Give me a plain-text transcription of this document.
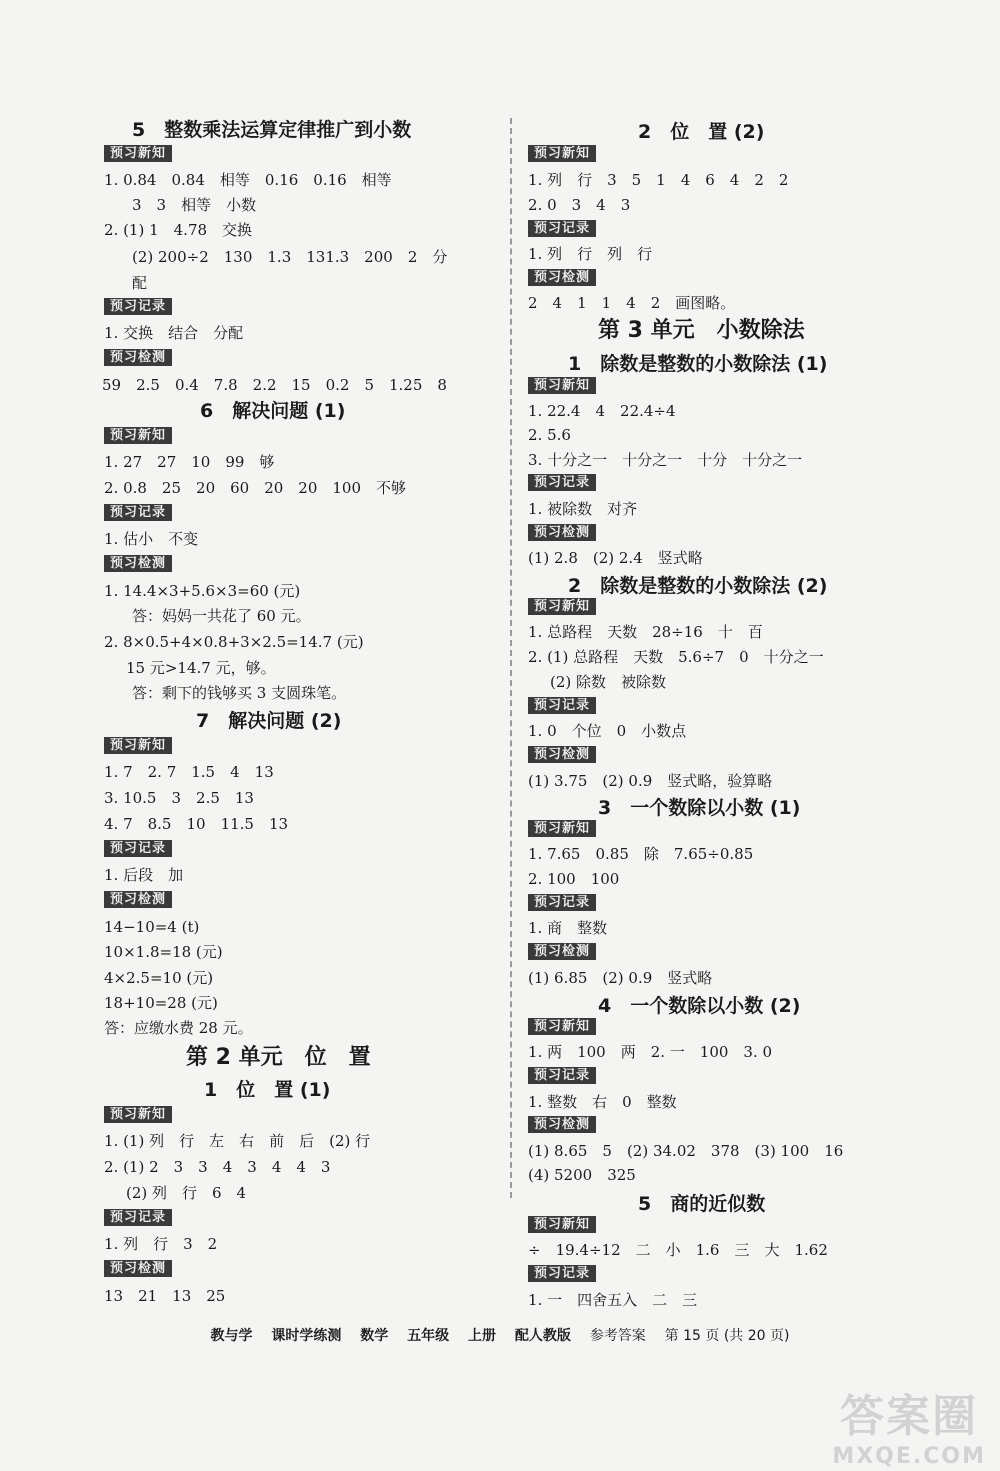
5　整数乘法运算定律推广到小数
预习新知
1. 0.84　0.84　相等　0.16　0.16　相等
3　3　相等　小数
2. (1) 1　4.78　交换
(2) 200÷2　130　1.3　131.3　200　2　分
配
预习记录
1. 交换　结合　分配
预习检测
59　2.5　0.4　7.8　2.2　15　0.2　5　1.25　8
6　解决问题 (1)
预习新知
1. 27　27　10　99　够
2. 0.8　25　20　60　20　20　100　不够
预习记录
1. 估小　不变
预习检测
1. 14.4×3+5.6×3=60 (元)
答：妈妈一共花了 60 元。
2. 8×0.5+4×0.8+3×2.5=14.7 (元)
15 元>14.7 元，够。
答：剩下的钱够买 3 支圆珠笔。
7　解决问题 (2)
预习新知
1. 7　2. 7　1.5　4　13
3. 10.5　3　2.5　13
4. 7　8.5　10　11.5　13
预习记录
1. 后段　加
预习检测
14−10=4 (t)
10×1.8=18 (元)
4×2.5=10 (元)
18+10=28 (元)
答：应缴水费 28 元。
第 2 单元　位　置
1　位　置 (1)
预习新知
1. (1) 列　行　左　右　前　后　(2) 行
2. (1) 2　3　3　4　3　4　4　3
(2) 列　行　6　4
预习记录
1. 列　行　3　2
预习检测
13　21　13　25
2　位　置 (2)
预习新知
1. 列　行　3　5　1　4　6　4　2　2
2. 0　3　4　3
预习记录
1. 列　行　列　行
预习检测
2　4　1　1　4　2　画图略。
第 3 单元　小数除法
1　除数是整数的小数除法 (1)
预习新知
1. 22.4　4　22.4÷4
2. 5.6
3. 十分之一　十分之一　十分　十分之一
预习记录
1. 被除数　对齐
预习检测
(1) 2.8　(2) 2.4　竖式略
2　除数是整数的小数除法 (2)
预习新知
1. 总路程　天数　28÷16　十　百
2. (1) 总路程　天数　5.6÷7　0　十分之一
(2) 除数　被除数
预习记录
1. 0　个位　0　小数点
预习检测
(1) 3.75　(2) 0.9　竖式略，验算略
3　一个数除以小数 (1)
预习新知
1. 7.65　0.85　除　7.65÷0.85
2. 100　100
预习记录
1. 商　整数
预习检测
(1) 6.85　(2) 0.9　竖式略
4　一个数除以小数 (2)
预习新知
1. 两　100　两　2. 一　100　3. 0
预习记录
1. 整数　右　0　整数
预习检测
(1) 8.65　5　(2) 34.02　378　(3) 100　16
(4) 5200　325
5　商的近似数
预习新知
÷　19.4÷12　二　小　1.6　三　大　1.62
预习记录
1. 一　四舍五入　二　三
教与学 课时学练测 数学 五年级 上册 配人教版 参考答案 第 15 页 (共 20 页)
答案圈
MXQE.COM
